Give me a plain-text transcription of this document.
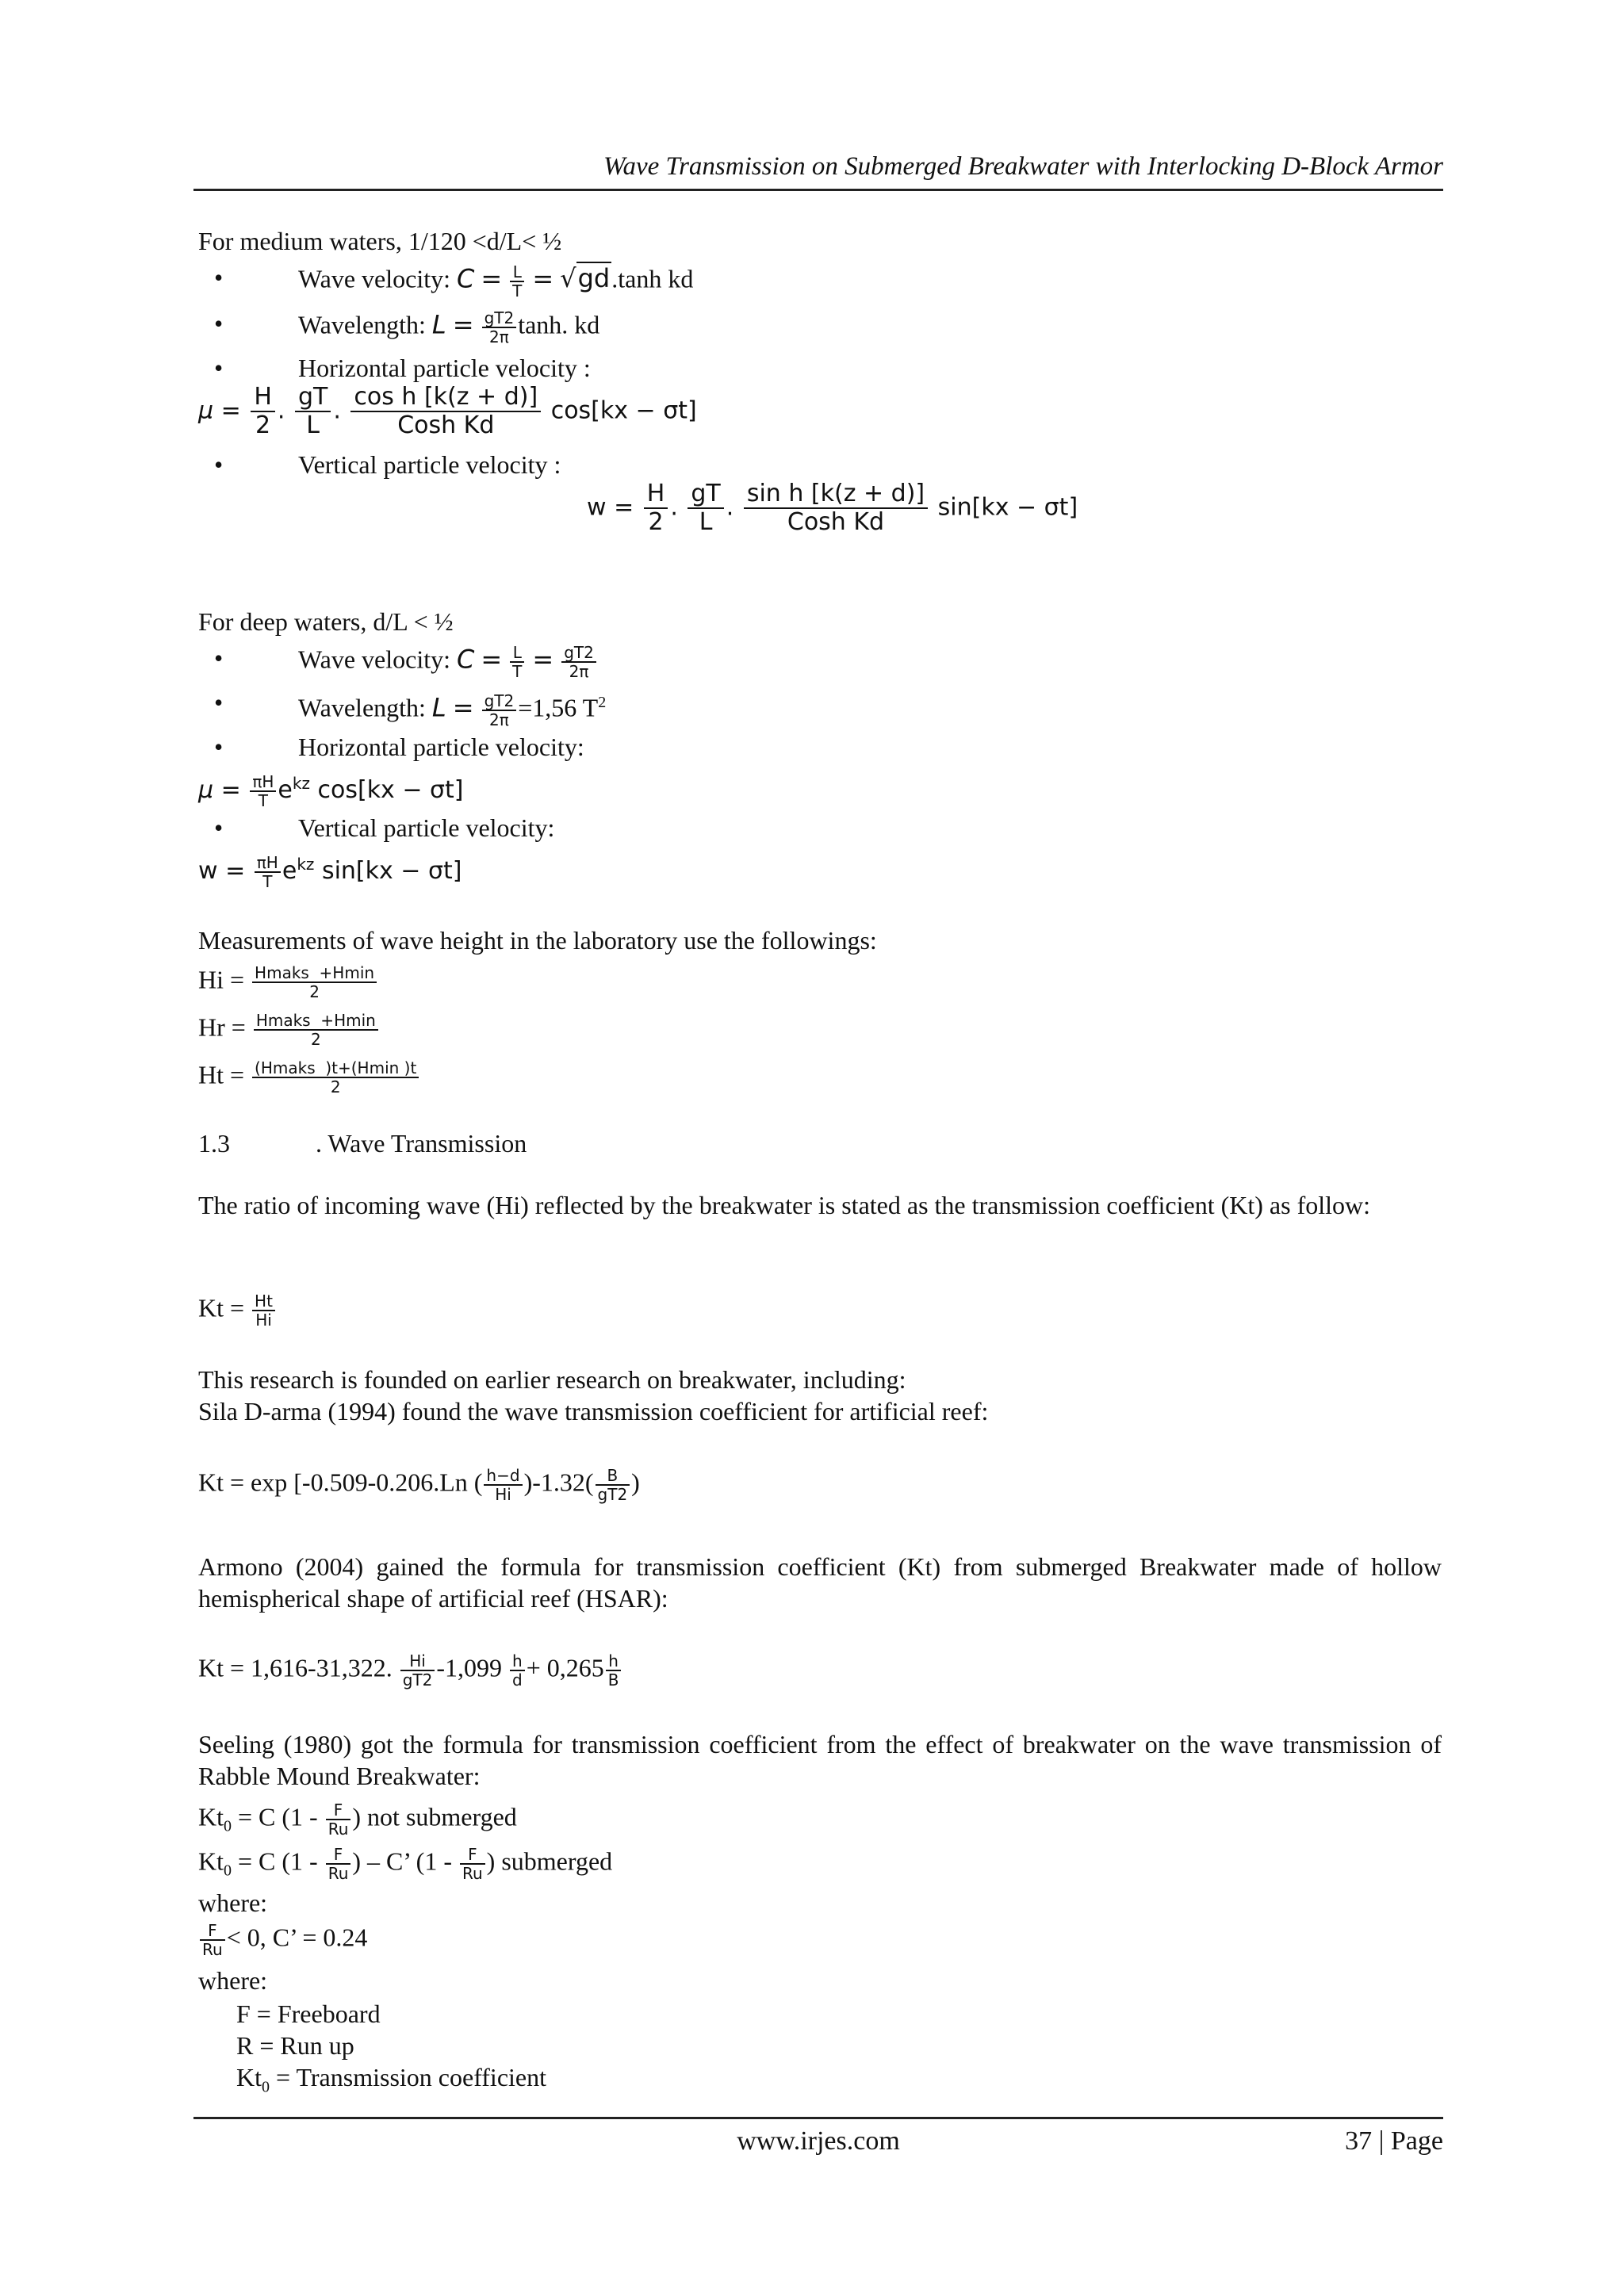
Wave Transmission on Submerged Breakwater with Interlocking D-Block Armor
For medium waters, 1/120 <d/L< ½
•	Wave velocity: $C = \frac{L}{T} = √gd.\tanh$ kd
•	Wavelength: $L = \frac{gT2}{2\pi} \tanh$. kd
•	Horizontal particle velocity :
$\mu = \frac{H}{2}$ . $\frac{gT}{L}$ . cos h [k(z + d)]
Cosh Kd
cos[kx − σt]
•	Vertical particle velocity :
$w = \frac{H}{2}$ . $\frac{gT}{L}$ . sin h [k(z + d)]
Cosh Kd
sin[kx − σt]
For deep waters, d/L < ½
•	Wave velocity: $C = \frac{L}{T} = \frac{gT2}{2\pi}$
•	Wavelength: $L = \frac{gT2}{2\pi} =1,56$ $T^2$
•	Horizontal particle velocity:
$\mu = \frac{\pi H}{T} e^{kz}$ cos[kx − σt]
•	Vertical particle velocity:
$w = \frac{\pi H}{T} e^{kz}$ sin[kx − σt]
Measurements of wave height in the laboratory use the followings:
$Hi = \frac{\text{Hmaks  +Hmin}}{2}$
$Hr = \frac{\text{Hmaks  +Hmin}}{2}$
$Ht = \frac{\text{(Hmaks  )t+(Hmin )t}}{2}$
1.3	. Wave Transmission
The ratio of incoming wave (Hi) reflected by the breakwater is stated as the transmission coefficient (Kt) as follow:
$Kt = \frac{Ht}{Hi}$
This research is founded on earlier research on breakwater, including:
Sila D-arma (1994) found the wave transmission coefficient for artificial reef:
Kt = exp [-0.509-0.206.Ln ( $\frac{h-d}{Hi} )-1.32( \frac{B}{gT2}$ )
Armono (2004) gained the formula for transmission coefficient (Kt) from submerged Breakwater made of hollow hemispherical shape of artificial reef (HSAR):
Kt = 1,616-31,322. $\frac{Hi}{gT2} -1,099 \frac{h}{d} + 0,265 \frac{h}{B}$
Seeling (1980) got the formula for transmission coefficient from the effect of breakwater on the wave transmission of Rabble Mound Breakwater:
$Kt_0 = C$ ($1 - \frac{F}{Ru}$ ) not submerged
$Kt_0 = C$ ($1 - \frac{F}{Ru}$ ) – C’ ($1 - \frac{F}{Ru}$ ) submerged
where:
$\frac{F}{Ru} < 0$, C’ = 0.24
where:
F = Freeboard
R = Run up
$Kt_0$ = Transmission coefficient
www.irjes.com	37 | Page
